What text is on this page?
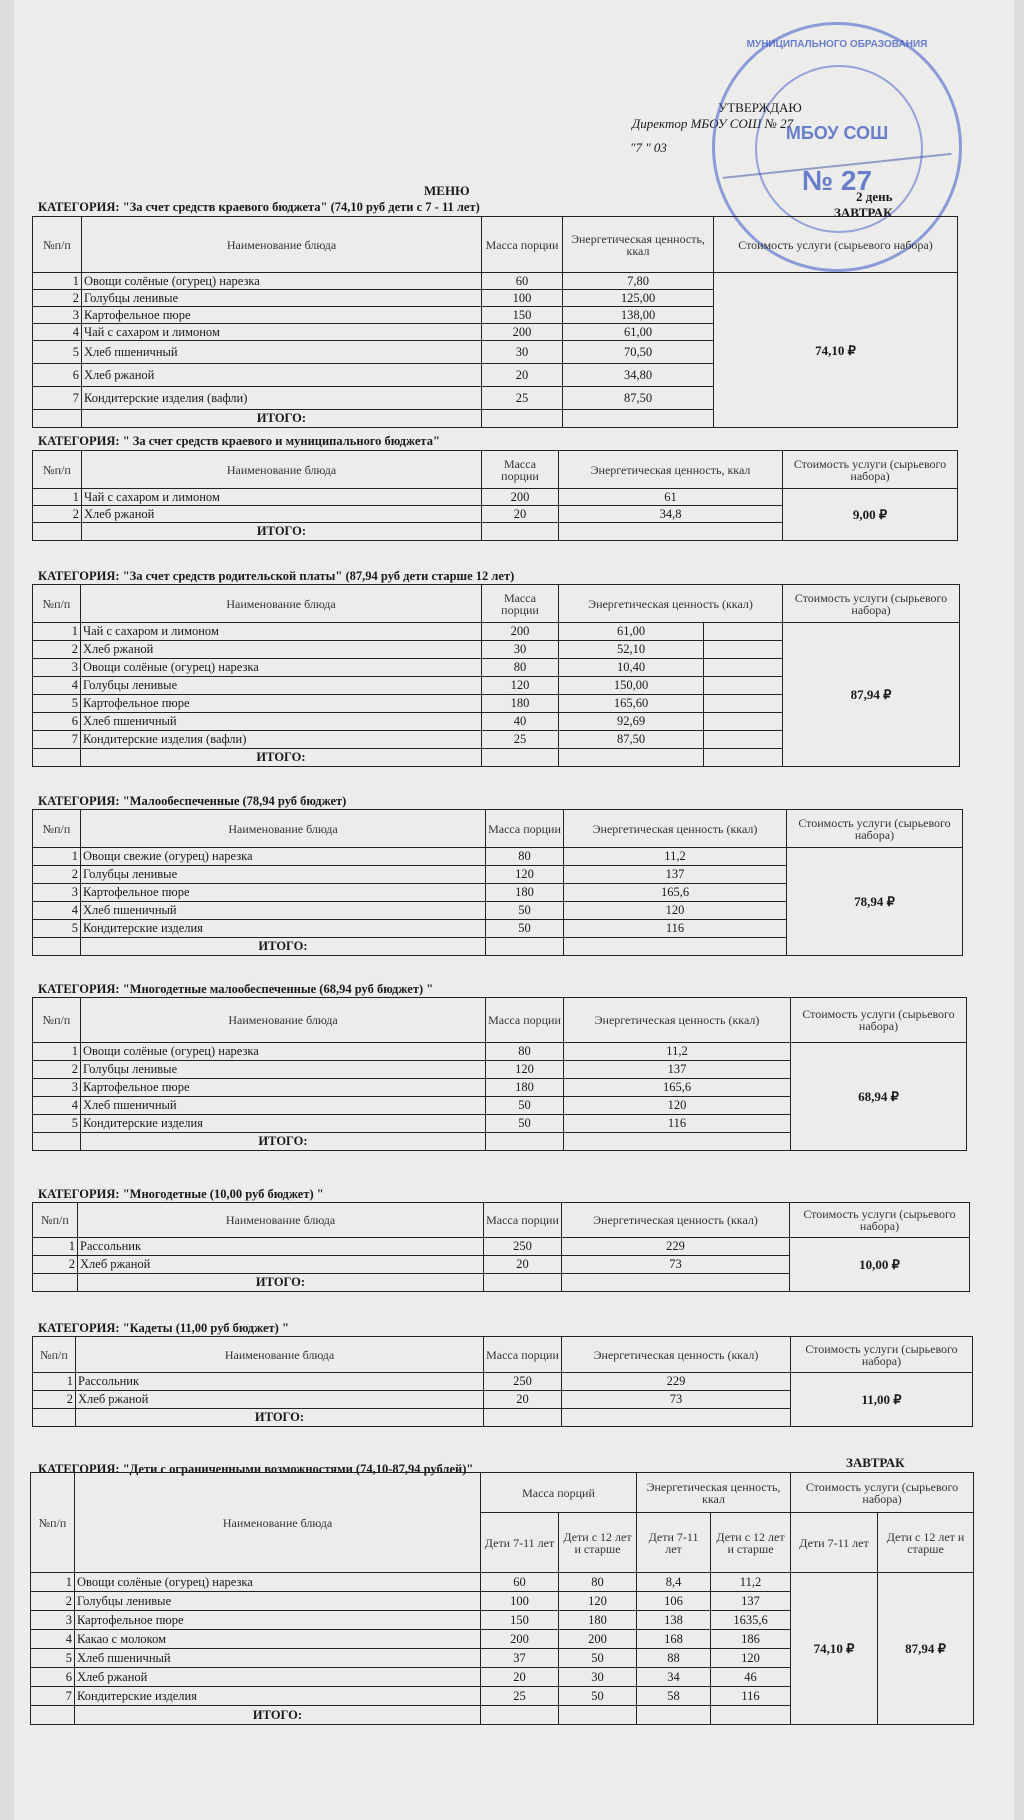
УТВЕРЖДАЮ
Директор МБОУ СОШ № 27
"7 " 03
МЕНЮ	2 день
ЗАВТРАК
МУНИЦИПАЛЬНОГО ОБРАЗОВАНИЯ
МБОУ СОШ
№ 27
КАТЕГОРИЯ: "За счет средств краевого бюджета" (74,10 руб дети с 7 - 11 лет)
№п/п	Наименование блюда	Масса порции	Энергетическая ценность, ккал	Стоимость услуги (сырьевого набора)
1	Овощи солёные (огурец) нарезка	60	7,80	74,10 ₽
2	Голубцы ленивые	100	125,00	
3	Картофельное пюре	150	138,00	
4	Чай с сахаром и лимоном	200	61,00	
5	Хлеб пшеничный	30	70,50	
6	Хлеб ржаной	20	34,80	
7	Кондитерские изделия (вафли)	25	87,50	
	ИТОГО:			
КАТЕГОРИЯ: " За счет средств краевого и муниципального бюджета"
№п/п	Наименование блюда	Масса порции	Энергетическая ценность, ккал	Стоимость услуги (сырьевого набора)
1	Чай с сахаром и лимоном	200	61	9,00 ₽
2	Хлеб ржаной	20	34,8	
	ИТОГО:			
КАТЕГОРИЯ: "За счет средств родительской платы" (87,94 руб дети старше 12 лет)
№п/п	Наименование блюда	Масса порции	Энергетическая ценность (ккал)		Стоимость услуги (сырьевого набора)
1	Чай с сахаром и лимоном	200	61,00		87,94 ₽
2	Хлеб ржаной	30	52,10		
3	Овощи солёные (огурец) нарезка	80	10,40		
4	Голубцы ленивые	120	150,00		
5	Картофельное пюре	180	165,60		
6	Хлеб пшеничный	40	92,69		
7	Кондитерские изделия (вафли)	25	87,50		
	ИТОГО:				
КАТЕГОРИЯ: "Малообеспеченные (78,94 руб бюджет)
№п/п	Наименование блюда	Масса порции	Энергетическая ценность (ккал)	Стоимость услуги (сырьевого набора)
1	Овощи свежие (огурец) нарезка	80	11,2	78,94 ₽
2	Голубцы ленивые	120	137	
3	Картофельное пюре	180	165,6	
4	Хлеб пшеничный	50	120	
5	Кондитерские изделия	50	116	
	ИТОГО:			
КАТЕГОРИЯ: "Многодетные малообеспеченные (68,94 руб бюджет) "
№п/п	Наименование блюда	Масса порции	Энергетическая ценность (ккал)	Стоимость услуги (сырьевого набора)
1	Овощи солёные (огурец) нарезка	80	11,2	68,94 ₽
2	Голубцы ленивые	120	137	
3	Картофельное пюре	180	165,6	
4	Хлеб пшеничный	50	120	
5	Кондитерские изделия	50	116	
	ИТОГО:			
КАТЕГОРИЯ: "Многодетные (10,00 руб бюджет) "
№п/п	Наименование блюда	Масса порции	Энергетическая ценность (ккал)	Стоимость услуги (сырьевого набора)
1	Рассольник	250	229	10,00 ₽
2	Хлеб ржаной	20	73	
	ИТОГО:			
КАТЕГОРИЯ: "Кадеты (11,00 руб бюджет) "
№п/п	Наименование блюда	Масса порции	Энергетическая ценность (ккал)	Стоимость услуги (сырьевого набора)
1	Рассольник	250	229	11,00 ₽
2	Хлеб ржаной	20	73	
	ИТОГО:			
КАТЕГОРИЯ: "Дети с ограниченными возможностями (74,10-87,94 рублей)"	ЗАВТРАК
№п/п	Наименование блюда	Масса порций		Энергетическая ценность, ккал		Стоимость услуги (сырьевого набора)	
		Дети 7-11 лет	Дети с 12 лет и старше	Дети 7-11 лет	Дети с 12 лет и старше	Дети 7-11 лет	Дети с 12 лет и старше
1	Овощи солёные (огурец) нарезка	60	80	8,4	11,2	74,10 ₽	87,94 ₽
2	Голубцы ленивые	100	120	106	137		
3	Картофельное пюре	150	180	138	1635,6		
4	Какао с молоком	200	200	168	186		
5	Хлеб пшеничный	37	50	88	120		
6	Хлеб ржаной	20	30	34	46		
7	Кондитерские изделия	25	50	58	116		
	ИТОГО:						
